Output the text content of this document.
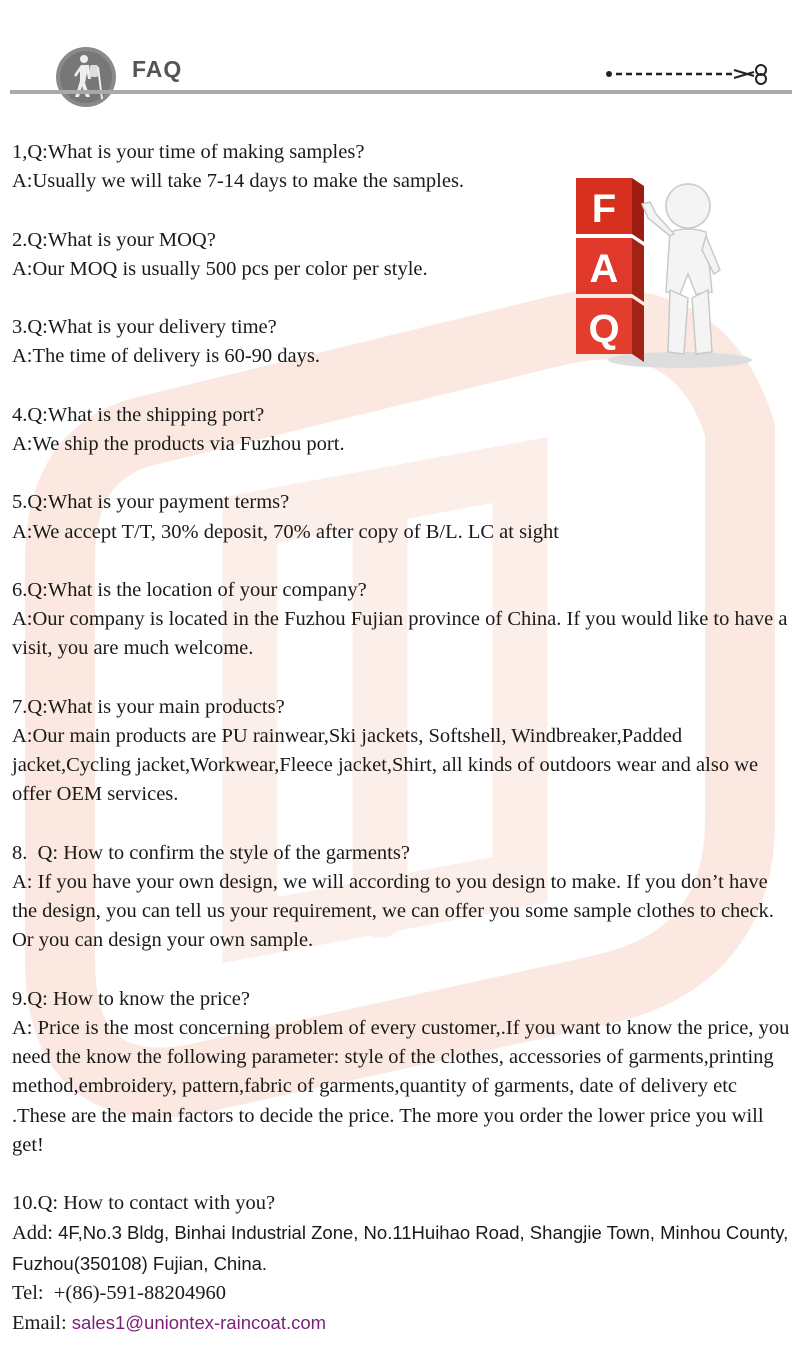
FAQ
F
A
Q

1,Q:What is your time of making samples?

A:Usually we will take 7-14 days to make the samples.

2.Q:What is your MOQ?

A:Our MOQ is usually 500 pcs per color per style.

3.Q:What is your delivery time?

A:The time of delivery is 60-90 days.

4.Q:What is the shipping port?

A:We ship the products via Fuzhou port.

5.Q:What is your payment terms?

A:We accept T/T, 30% deposit, 70% after copy of B/L. LC at sight

6.Q:What is the location of your company?

A:Our company is located in the Fuzhou Fujian province of China. If you would like to have a visit, you are much welcome.

7.Q:What is your main products?

A:Our main products are PU rainwear,Ski jackets, Softshell, Windbreaker,Padded jacket,Cycling jacket,Workwear,Fleece jacket,Shirt, all kinds of outdoors wear and also we offer OEM services.

8.  Q: How to confirm the style of the garments?

A: If you have your own design, we will according to you design to make. If you don’t have the design, you can tell us your requirement, we can offer you some sample clothes to check. Or you can design your own sample.

9.Q: How to know the price?

A: Price is the most concerning problem of every customer,.If you want to know the price, you need the know the following parameter: style of the clothes, accessories of garments,printing method,embroidery, pattern,fabric of garments,quantity of garments, date of delivery etc .These are the main factors to decide the price. The more you order the lower price you will get!

10.Q: How to contact with you?

Add: 4F,No.3 Bldg, Binhai Industrial Zone, No.11Huihao Road, Shangjie Town, Minhou County, Fuzhou(350108) Fujian, China.

Tel: +(86)-591-88204960

Email: sales1@uniontex-raincoat.com
